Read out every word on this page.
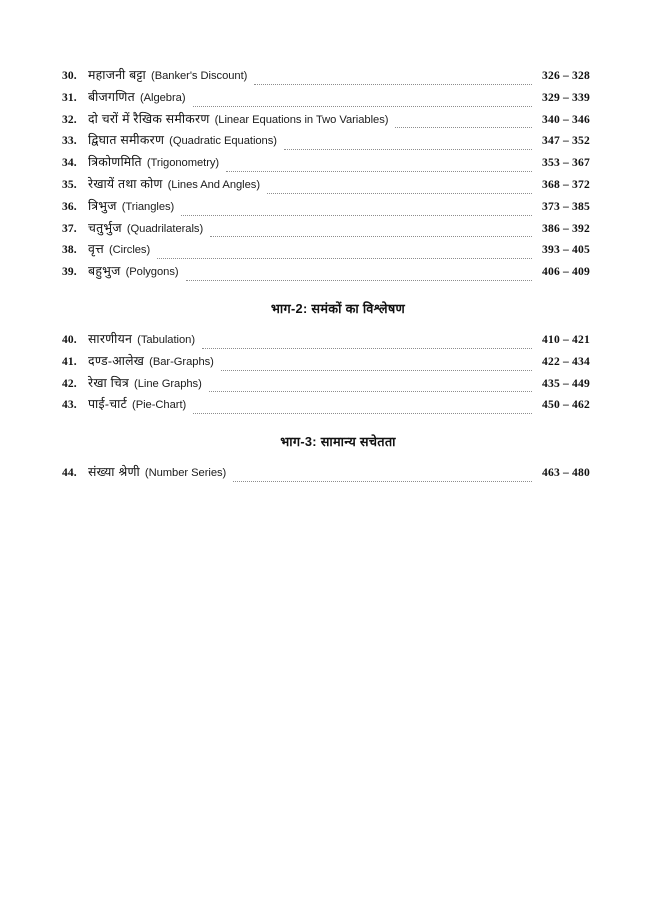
30. महाजनी बट्टा (Banker's Discount)	326 – 328
31. बीजगणित (Algebra)	329 – 339
32. दो चरों में रैखिक समीकरण (Linear Equations in Two Variables)	340 – 346
33. द्विघात समीकरण (Quadratic Equations)	347 – 352
34. त्रिकोणमिति (Trigonometry)	353 – 367
35. रेखायें तथा कोण (Lines And Angles)	368 – 372
36. त्रिभुज (Triangles)	373 – 385
37. चतुर्भुज (Quadrilaterals)	386 – 392
38. वृत्त (Circles)	393 – 405
39. बहुभुज (Polygons)	406 – 409
भाग-2: समंकों का विश्लेषण
40. सारणीयन (Tabulation)	410 – 421
41. दण्ड-आलेख (Bar-Graphs)	422 – 434
42. रेखा चित्र (Line Graphs)	435 – 449
43. पाई-चार्ट (Pie-Chart)	450 – 462
भाग-3: सामान्य सचेतता
44. संख्या श्रेणी (Number Series)	463 – 480
